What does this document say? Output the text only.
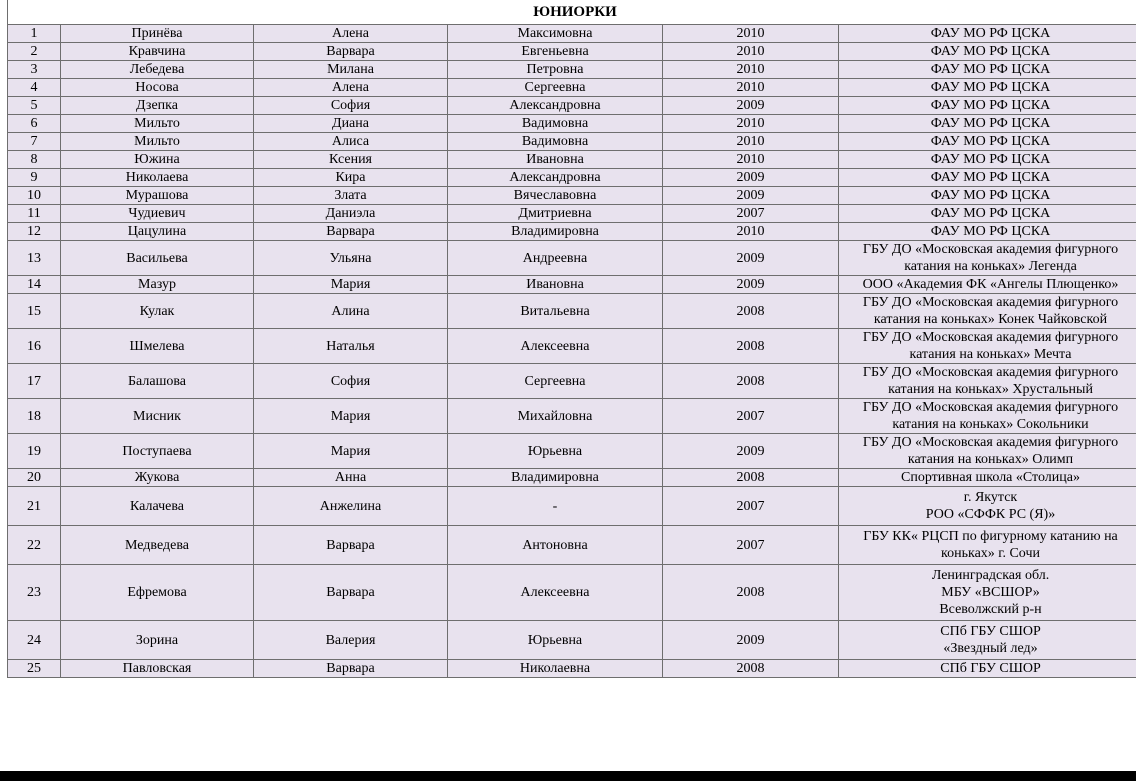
ЮНИОРКИ					
1	Принёва	Алена	Максимовна	2010	ФАУ МО РФ ЦСКА

2	Кравчина	Варвара	Евгеньевна	2010	ФАУ МО РФ ЦСКА

3	Лебедева	Милана	Петровна	2010	ФАУ МО РФ ЦСКА

4	Носова	Алена	Сергеевна	2010	ФАУ МО РФ ЦСКА

5	Дзепка	София	Александровна	2009	ФАУ МО РФ ЦСКА

6	Мильто	Диана	Вадимовна	2010	ФАУ МО РФ ЦСКА

7	Мильто	Алиса	Вадимовна	2010	ФАУ МО РФ ЦСКА

8	Южина	Ксения	Ивановна	2010	ФАУ МО РФ ЦСКА

9	Николаева	Кира	Александровна	2009	ФАУ МО РФ ЦСКА

10	Мурашова	Злата	Вячеславовна	2009	ФАУ МО РФ ЦСКА

11	Чудиевич	Даниэла	Дмитриевна	2007	ФАУ МО РФ ЦСКА

12	Цацулина	Варвара	Владимировна	2010	ФАУ МО РФ ЦСКА

13	Васильева	Ульяна	Андреевна	2009	ГБУ ДО «Московская академия фигурного
катания на коньках» Легенда

14	Мазур	Мария	Ивановна	2009	ООО «Академия ФК «Ангелы Плющенко»

15	Кулак	Алина	Витальевна	2008	ГБУ ДО «Московская академия фигурного
катания на коньках» Конек Чайковской

16	Шмелева	Наталья	Алексеевна	2008	ГБУ ДО «Московская академия фигурного
катания на коньках» Мечта

17	Балашова	София	Сергеевна	2008	ГБУ ДО «Московская академия фигурного
катания на коньках» Хрустальный

18	Мисник	Мария	Михайловна	2007	ГБУ ДО «Московская академия фигурного
катания на коньках» Сокольники

19	Поступаева	Мария	Юрьевна	2009	ГБУ ДО «Московская академия фигурного
катания на коньках» Олимп

20	Жукова	Анна	Владимировна	2008	Спортивная школа «Столица»

21	Калачева	Анжелина	-	2007	г. Якутск
РОО «СФФК РС (Я)»

22	Медведева	Варвара	Антоновна	2007	ГБУ КК« РЦСП по фигурному катанию на
коньках» г. Сочи

23	Ефремова	Варвара	Алексеевна	2008	Ленинградская обл.
МБУ «ВСШОР»
Всеволжский р-н

24	Зорина	Валерия	Юрьевна	2009	СПб ГБУ СШОР
«Звездный лед»

25	Павловская	Варвара	Николаевна	2008	СПб ГБУ СШОР
